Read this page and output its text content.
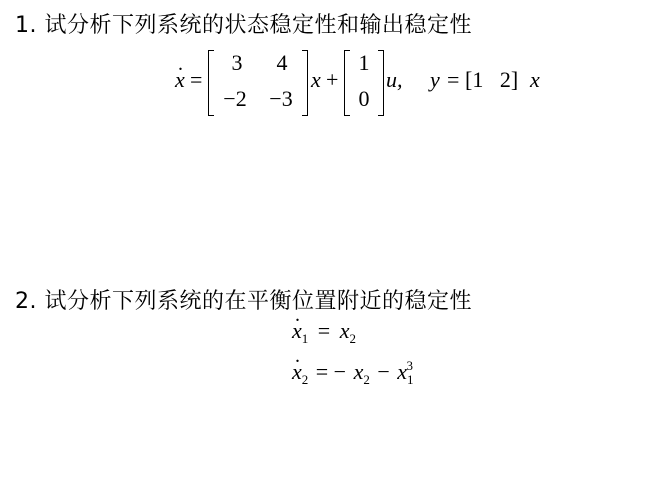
1. 试分析下列系统的状态稳定性和输出稳定性
. x =
3	4
−2 −3
x +
1
0
u, y = [1   2] x
2. 试分析下列系统的在平衡位置附近的稳定性
. $x_1 = x_2$
. $x_2$ = − $x_2 - x_1^3$
